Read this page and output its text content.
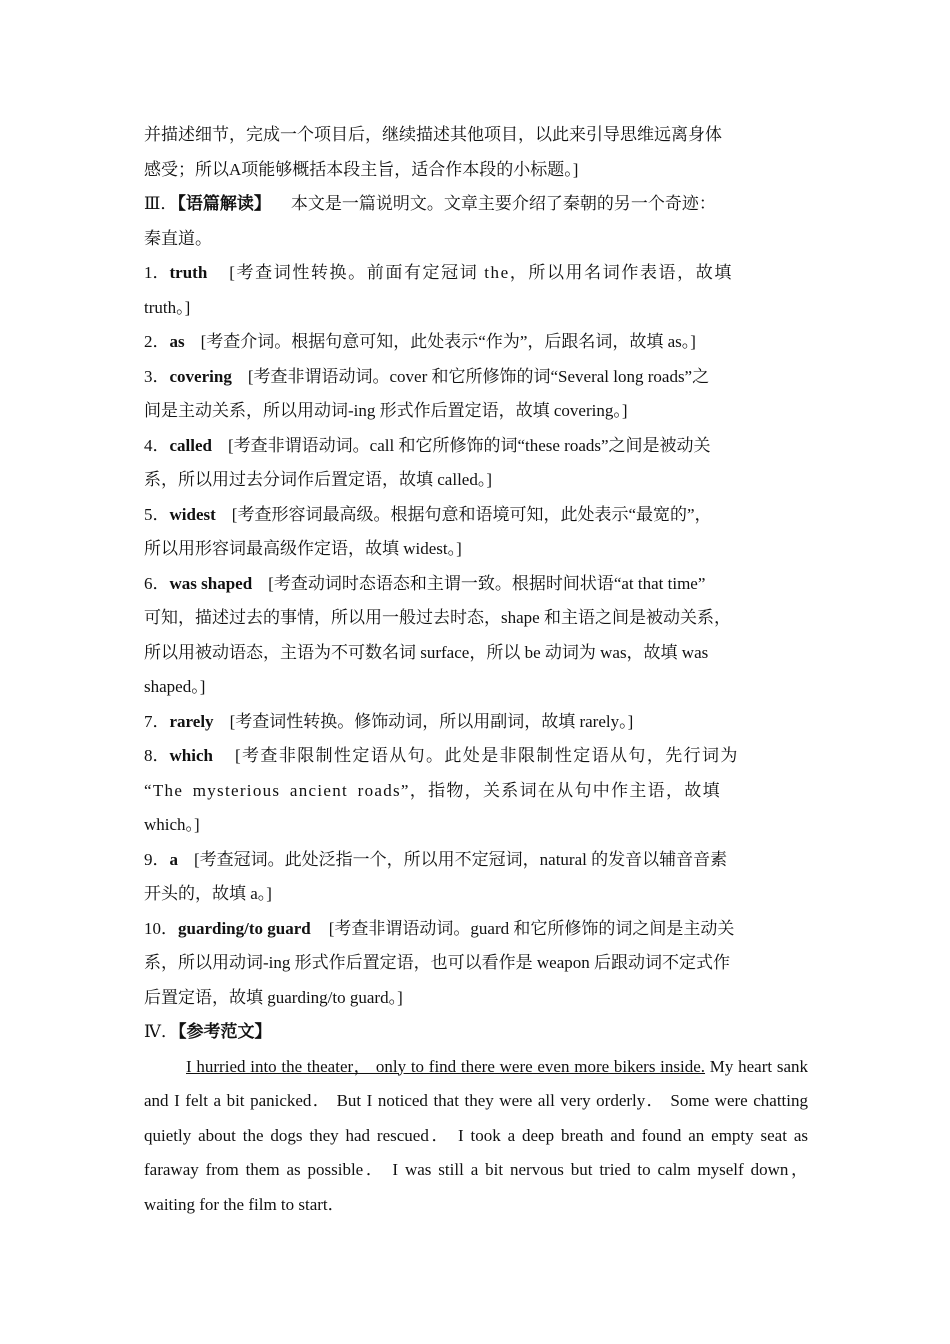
并描述细节，完成一个项目后，继续描述其他项目，以此来引导思维远离身体
感受；所以A项能够概括本段主旨，适合作本段的小标题。]
Ⅲ．【语篇解读】 本文是一篇说明文。文章主要介绍了秦朝的另一个奇迹：
秦直道。
1．truth [考查词性转换。前面有定冠词 the，所以用名词作表语，故填
truth。]
2．as [考查介词。根据句意可知，此处表示“作为”，后跟名词，故填 as。]
3．covering [考查非谓语动词。cover 和它所修饰的词“Several long roads”之
间是主动关系，所以用动词-ing 形式作后置定语，故填 covering。]
4．called [考查非谓语动词。call 和它所修饰的词“these roads”之间是被动关
系，所以用过去分词作后置定语，故填 called。]
5．widest [考查形容词最高级。根据句意和语境可知，此处表示“最宽的”，
所以用形容词最高级作定语，故填 widest。]
6．was shaped [考查动词时态语态和主谓一致。根据时间状语“at that time”
可知，描述过去的事情，所以用一般过去时态，shape 和主语之间是被动关系，
所以用被动语态，主语为不可数名词 surface，所以 be 动词为 was，故填 was
shaped。]
7．rarely [考查词性转换。修饰动词，所以用副词，故填 rarely。]
8．which [考查非限制性定语从句。此处是非限制性定语从句，先行词为
“The mysterious ancient roads”，指物，关系词在从句中作主语，故填
which。]
9．a [考查冠词。此处泛指一个，所以用不定冠词，natural 的发音以辅音音素
开头的，故填 a。]
10．guarding/to guard [考查非谓语动词。guard 和它所修饰的词之间是主动关
系，所以用动词-ing 形式作后置定语，也可以看作是 weapon 后跟动词不定式作
后置定语，故填 guarding/to guard。]
Ⅳ．【参考范文】
I hurried into the theater， only to find there were even more bikers inside. My heart sank and I felt a bit panicked． But I noticed that they were all very orderly． Some were chatting quietly about the dogs they had rescued． I took a deep breath and found an empty seat as faraway from them as possible． I was still a bit nervous but tried to calm myself down，waiting for the film to start．
